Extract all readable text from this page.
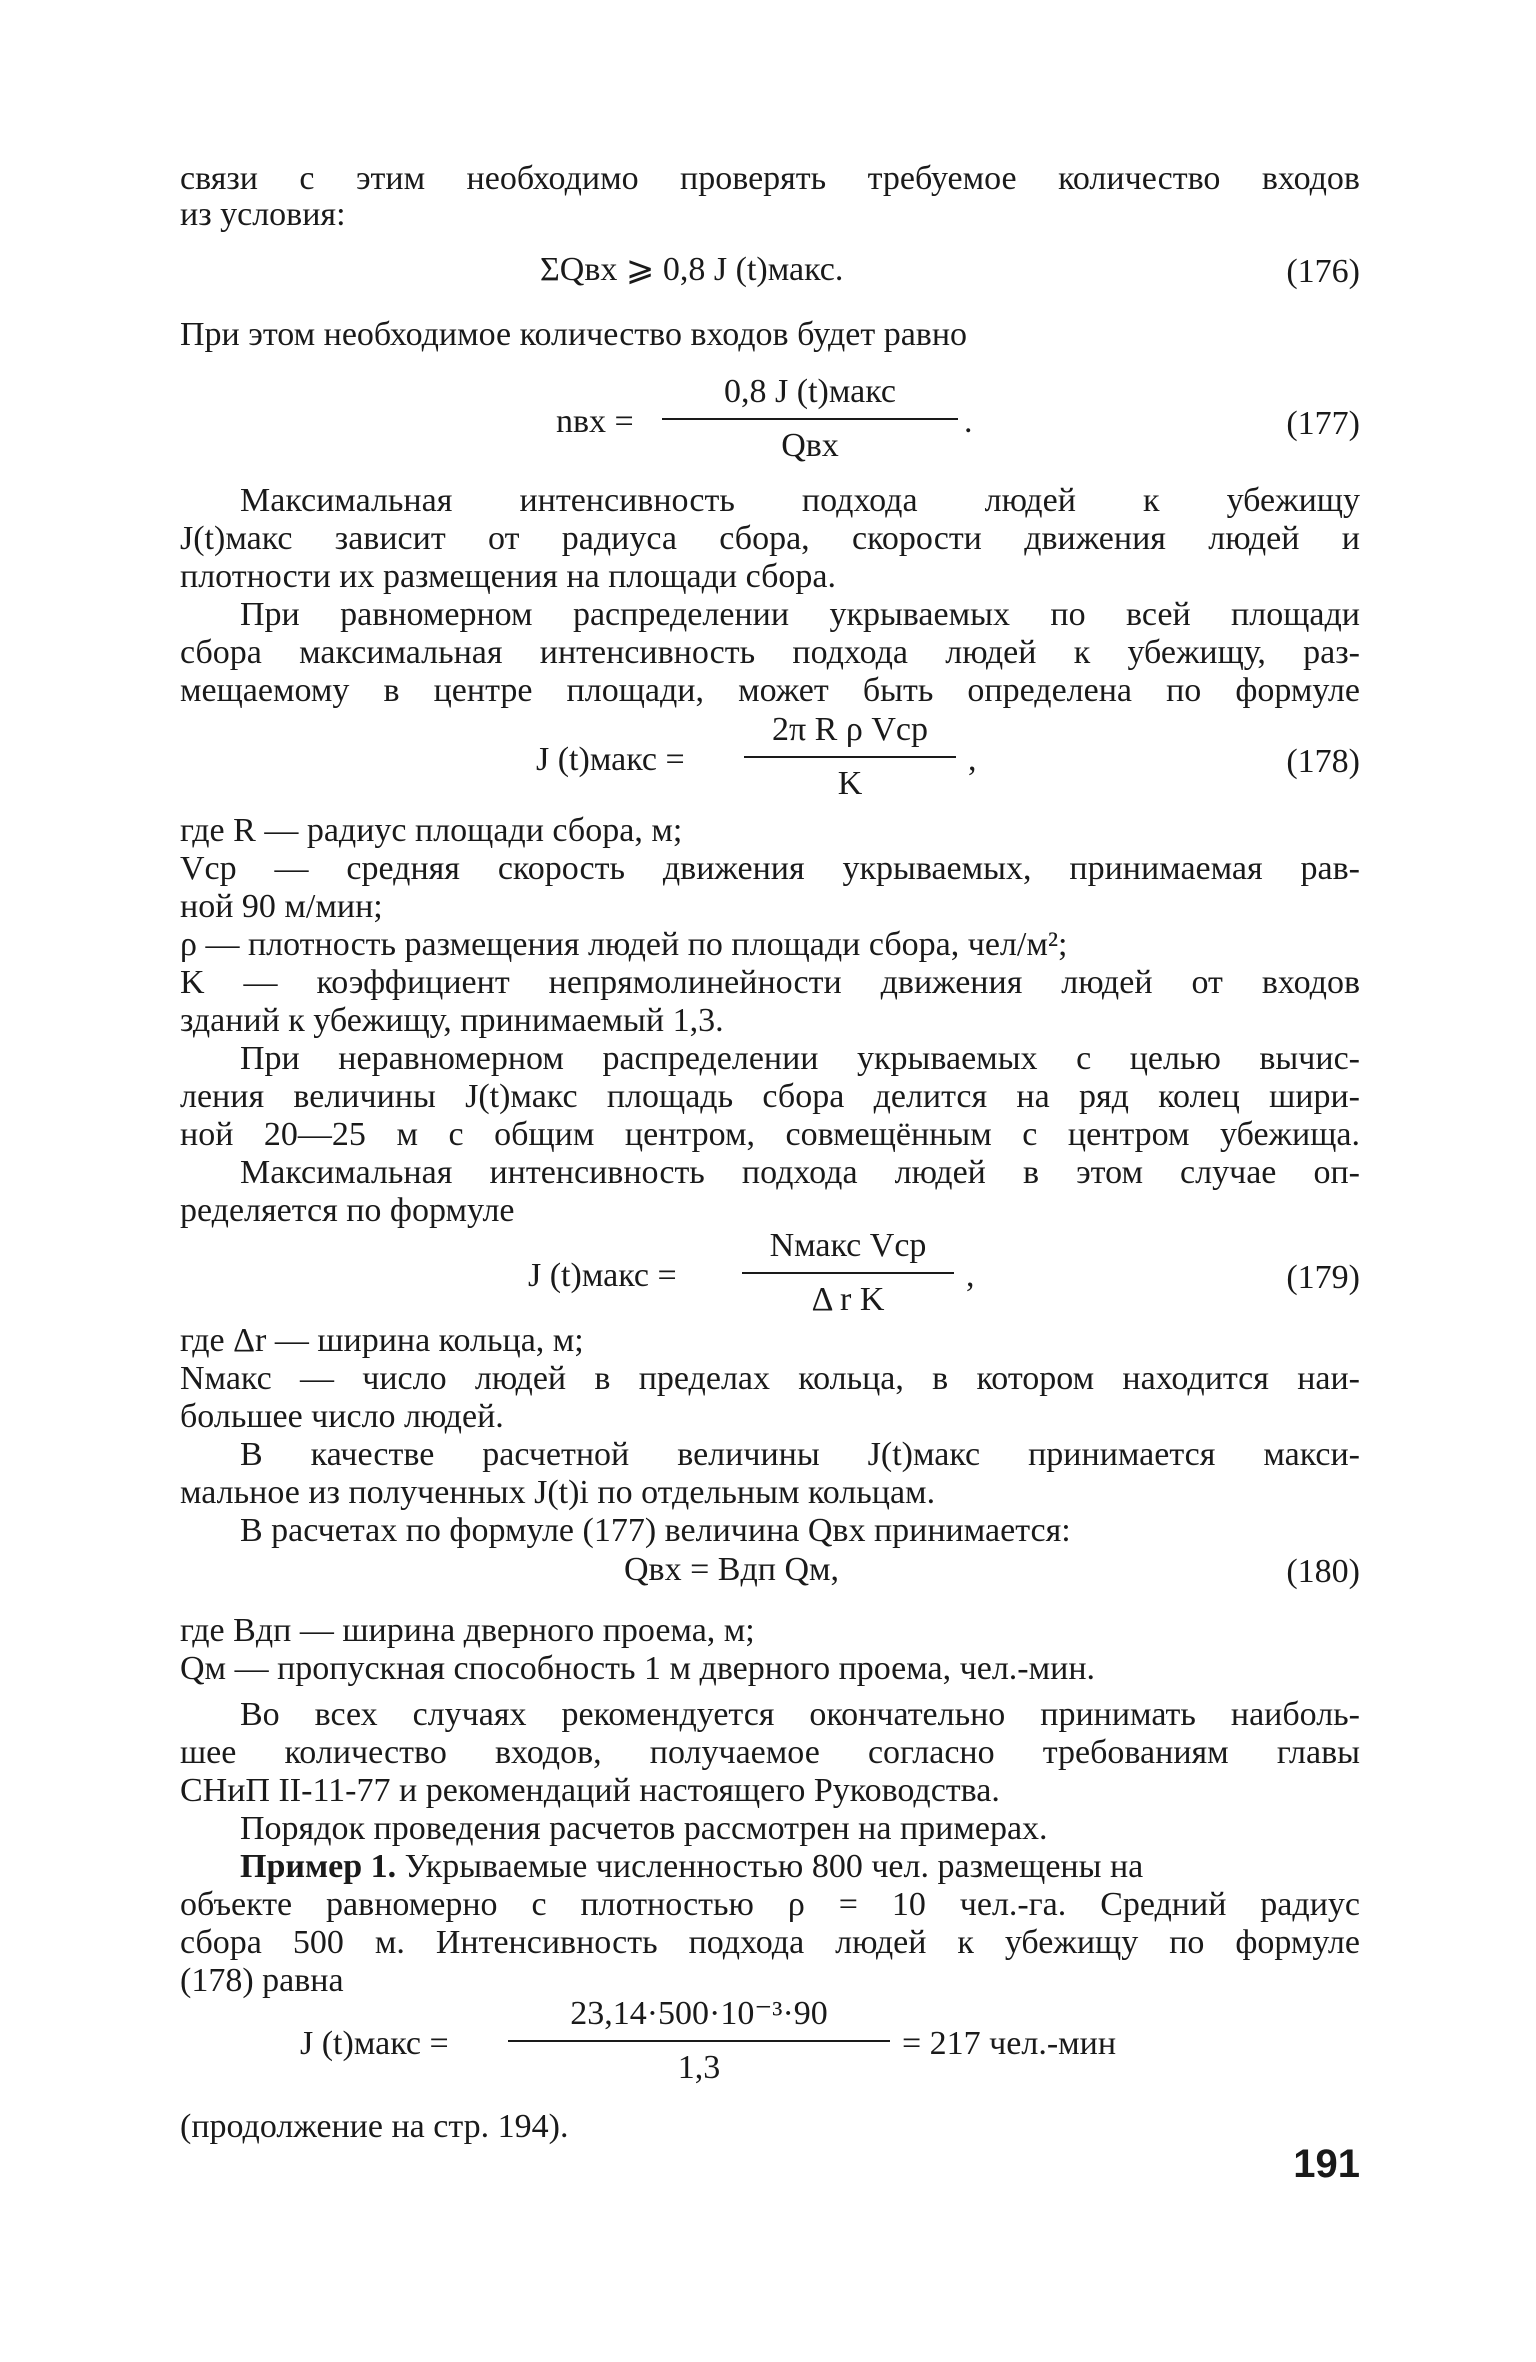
связи с этим необходимо проверять требуемое количество входов
из условия:
ΣQвх ⩾ 0,8 J (t)макс.	(176)
При этом необходимое количество входов будет равно
nвх =
0,8 J (t)макс
Qвх
.	(177)
Максимальная интенсивность подхода людей к убежищу
J(t)макс зависит от радиуса сбора, скорости движения людей и
плотности их размещения на площади сбора.
При равномерном распределении укрываемых по всей площади
сбора максимальная интенсивность подхода людей к убежищу, раз-
мещаемому в центре площади, может быть определена по формуле
J (t)макс =
2π R ρ Vср
K
,	(178)
где R — радиус площади сбора, м;
Vср — средняя скорость движения укрываемых, принимаемая рав-
ной 90 м/мин;
ρ — плотность размещения людей по площади сбора, чел/м²;
K — коэффициент непрямолинейности движения людей от входов
зданий к убежищу, принимаемый 1,3.
При неравномерном распределении укрываемых с целью вычис-
ления величины J(t)макс площадь сбора делится на ряд колец шири-
ной 20—25 м с общим центром, совмещённым с центром убежища.
Максимальная интенсивность подхода людей в этом случае оп-
ределяется по формуле
J (t)макс =
Nмакс Vср
Δ r K
,	(179)
где Δr — ширина кольца, м;
Nмакс — число людей в пределах кольца, в котором находится наи-
большее число людей.
В качестве расчетной величины J(t)макс принимается макси-
мальное из полученных J(t)i по отдельным кольцам.
В расчетах по формуле (177) величина Qвх принимается:
Qвх = Bдп Qм,	(180)
где Bдп — ширина дверного проема, м;
Qм — пропускная способность 1 м дверного проема, чел.-мин.
Во всех случаях рекомендуется окончательно принимать наиболь-
шее количество входов, получаемое согласно требованиям главы
СНиП II-11-77 и рекомендаций настоящего Руководства.
Порядок проведения расчетов рассмотрен на примерах.
Пример 1. Укрываемые численностью 800 чел. размещены на
объекте равномерно с плотностью ρ = 10 чел.-га. Средний радиус
сбора 500 м. Интенсивность подхода людей к убежищу по формуле
(178) равна
J (t)макс =
23,14·500·10⁻³·90
1,3
= 217 чел.-мин
(продолжение на стр. 194).
191
